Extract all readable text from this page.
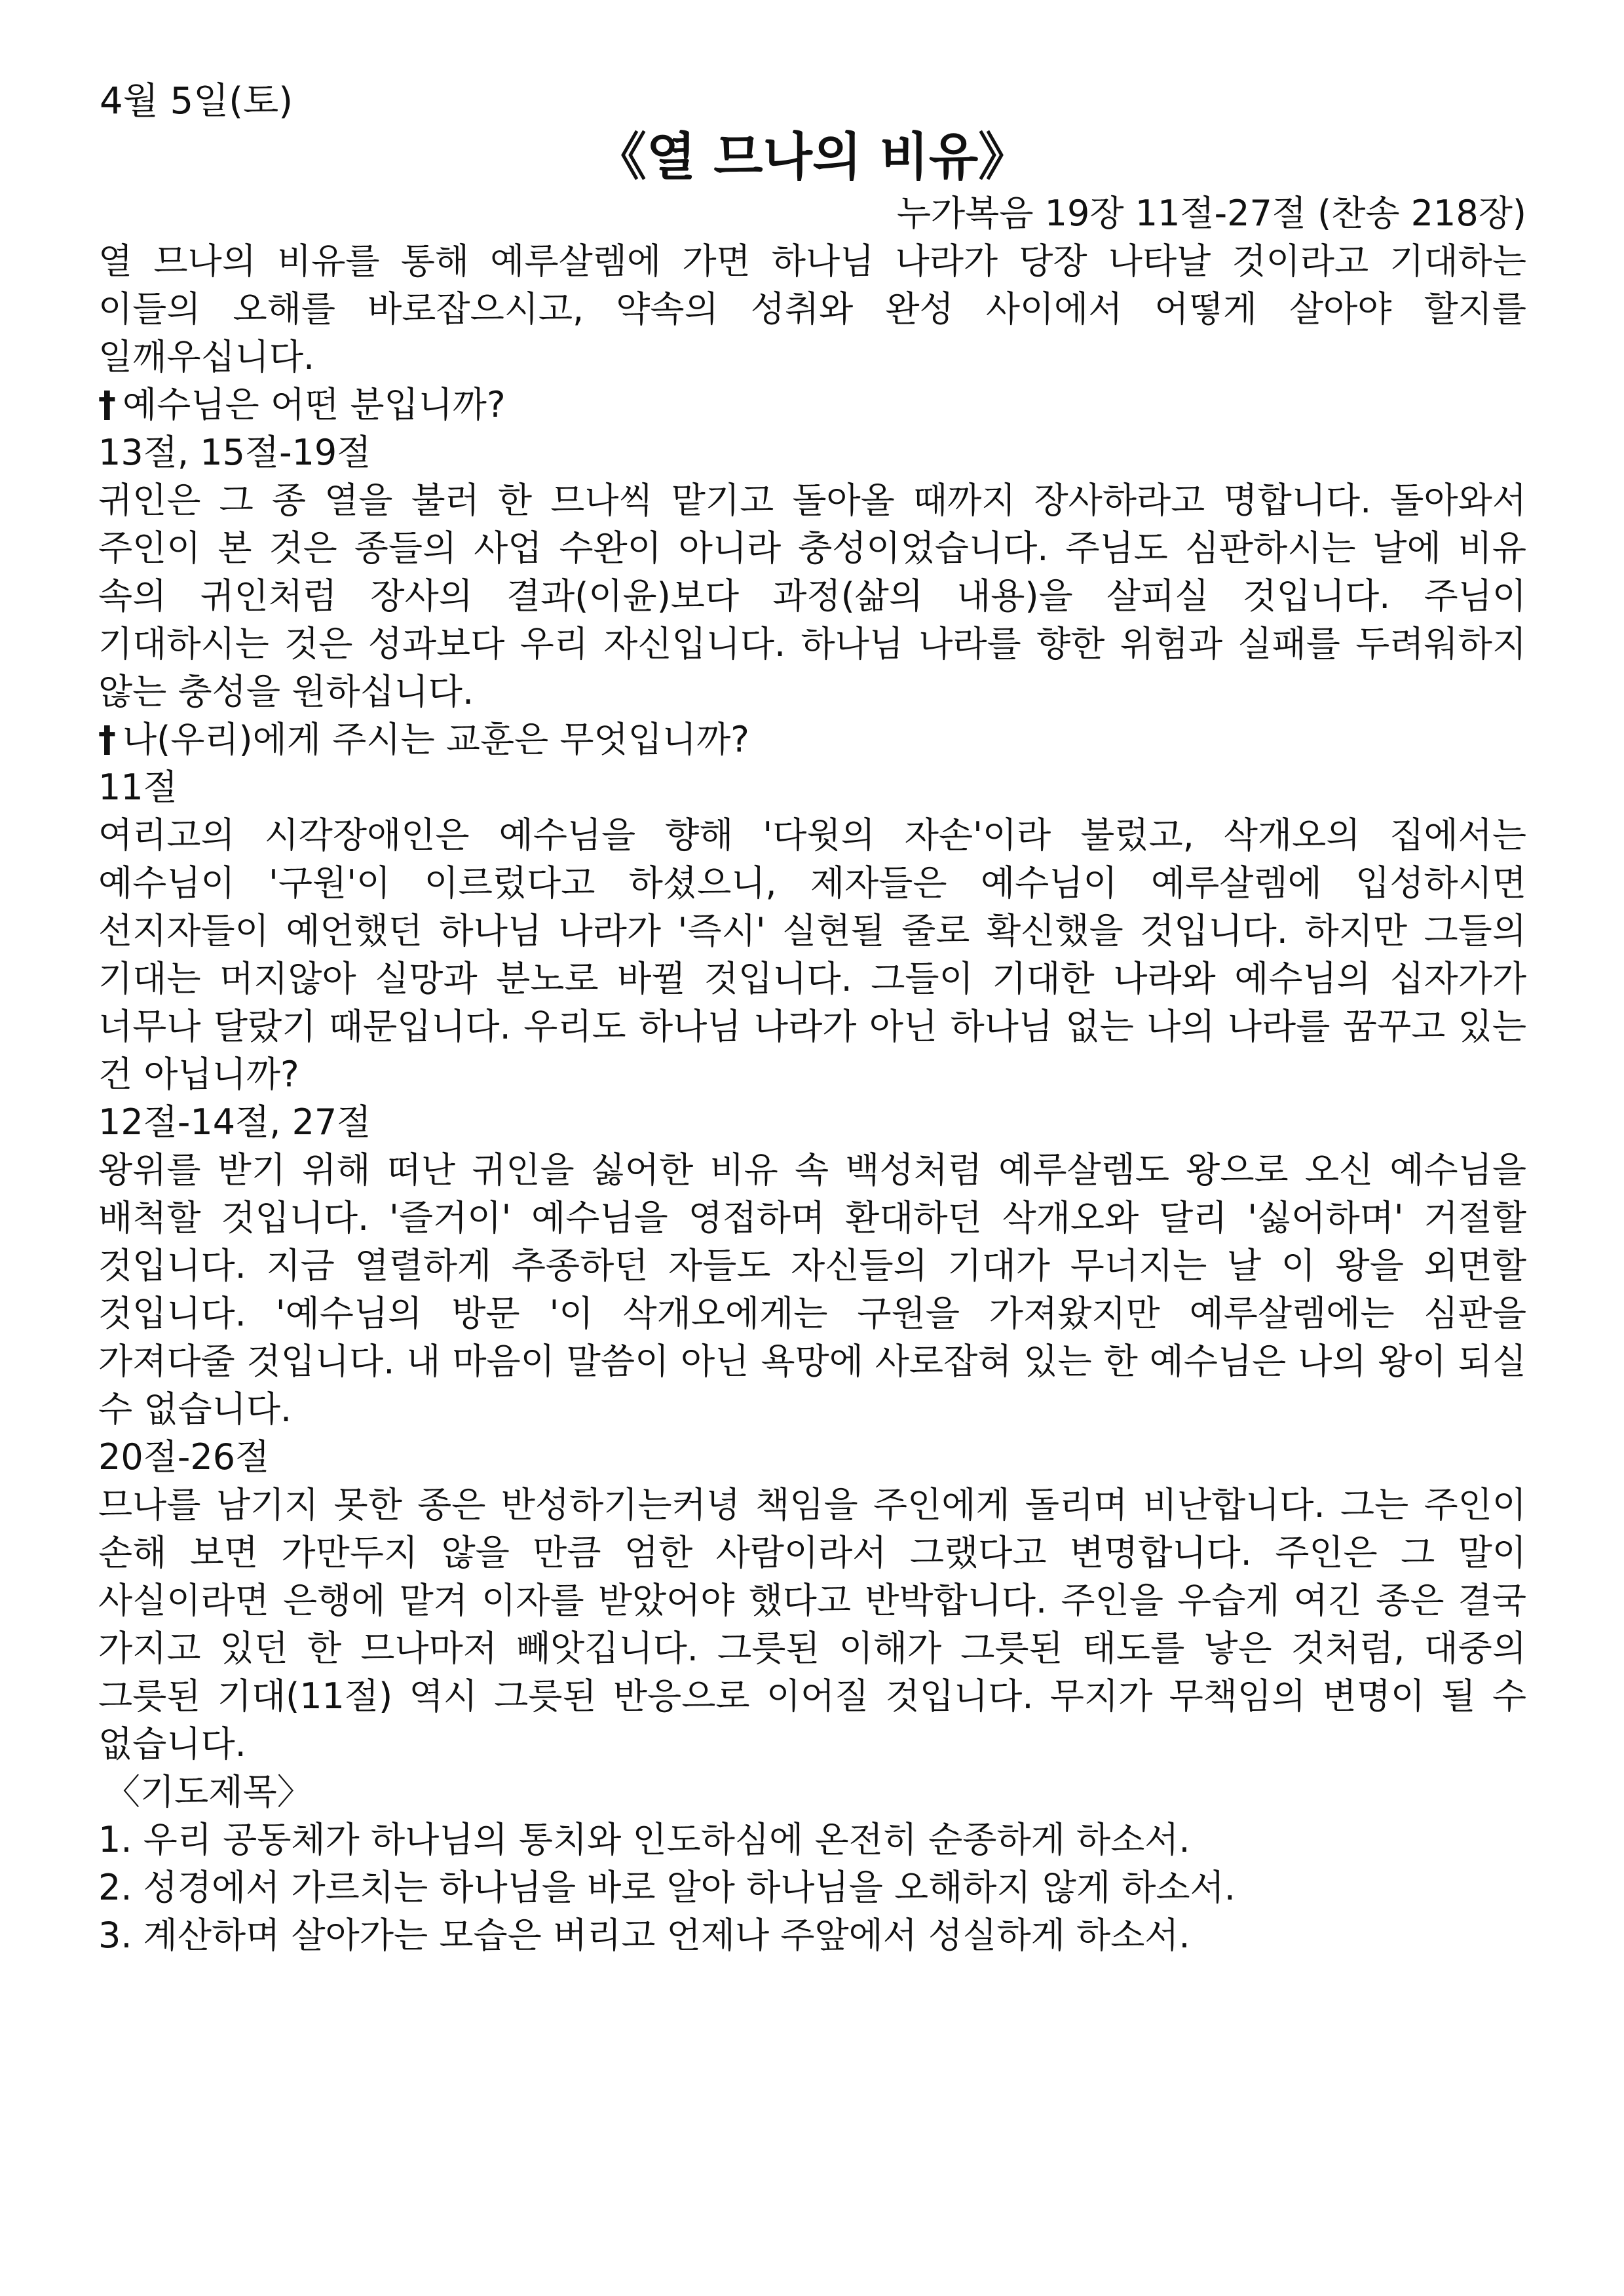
4월 5일(토)
《열 므나의 비유》
누가복음 19장 11절-27절 (찬송 218장)
열 므나의 비유를 통해 예루살렘에 가면 하나님 나라가 당장 나타날 것이라고 기대하는 이들의 오해를 바로잡으시고, 약속의 성취와 완성 사이에서 어떻게 살아야 할지를 일깨우십니다.
† 예수님은 어떤 분입니까?
13절, 15절-19절
귀인은 그 종 열을 불러 한 므나씩 맡기고 돌아올 때까지 장사하라고 명합니다. 돌아와서 주인이 본 것은 종들의 사업 수완이 아니라 충성이었습니다. 주님도 심판하시는 날에 비유 속의 귀인처럼 장사의 결과(이윤)보다 과정(삶의 내용)을 살피실 것입니다. 주님이 기대하시는 것은 성과보다 우리 자신입니다. 하나님 나라를 향한 위험과 실패를 두려워하지 않는 충성을 원하십니다.
† 나(우리)에게 주시는 교훈은 무엇입니까?
11절
여리고의 시각장애인은 예수님을 향해 '다윗의 자손'이라 불렀고, 삭개오의 집에서는 예수님이 '구원'이 이르렀다고 하셨으니, 제자들은 예수님이 예루살렘에 입성하시면 선지자들이 예언했던 하나님 나라가 '즉시' 실현될 줄로 확신했을 것입니다. 하지만 그들의 기대는 머지않아 실망과 분노로 바뀔 것입니다. 그들이 기대한 나라와 예수님의 십자가가 너무나 달랐기 때문입니다. 우리도 하나님 나라가 아닌 하나님 없는 나의 나라를 꿈꾸고 있는 건 아닙니까?
12절-14절, 27절
왕위를 받기 위해 떠난 귀인을 싫어한 비유 속 백성처럼 예루살렘도 왕으로 오신 예수님을 배척할 것입니다. '즐거이' 예수님을 영접하며 환대하던 삭개오와 달리 '싫어하며' 거절할 것입니다. 지금 열렬하게 추종하던 자들도 자신들의 기대가 무너지는 날 이 왕을 외면할 것입니다. '예수님의 방문 '이 삭개오에게는 구원을 가져왔지만 예루살렘에는 심판을 가져다줄 것입니다. 내 마음이 말씀이 아닌 욕망에 사로잡혀 있는 한 예수님은 나의 왕이 되실 수 없습니다.
20절-26절
므나를 남기지 못한 종은 반성하기는커녕 책임을 주인에게 돌리며 비난합니다. 그는 주인이 손해 보면 가만두지 않을 만큼 엄한 사람이라서 그랬다고 변명합니다. 주인은 그 말이 사실이라면 은행에 맡겨 이자를 받았어야 했다고 반박합니다. 주인을 우습게 여긴 종은 결국 가지고 있던 한 므나마저 빼앗깁니다. 그릇된 이해가 그릇된 태도를 낳은 것처럼, 대중의 그릇된 기대(11절) 역시 그릇된 반응으로 이어질 것입니다. 무지가 무책임의 변명이 될 수 없습니다.
〈기도제목〉
1. 우리 공동체가 하나님의 통치와 인도하심에 온전히 순종하게 하소서.
2. 성경에서 가르치는 하나님을 바로 알아 하나님을 오해하지 않게 하소서.
3. 계산하며 살아가는 모습은 버리고 언제나 주앞에서 성실하게 하소서.
